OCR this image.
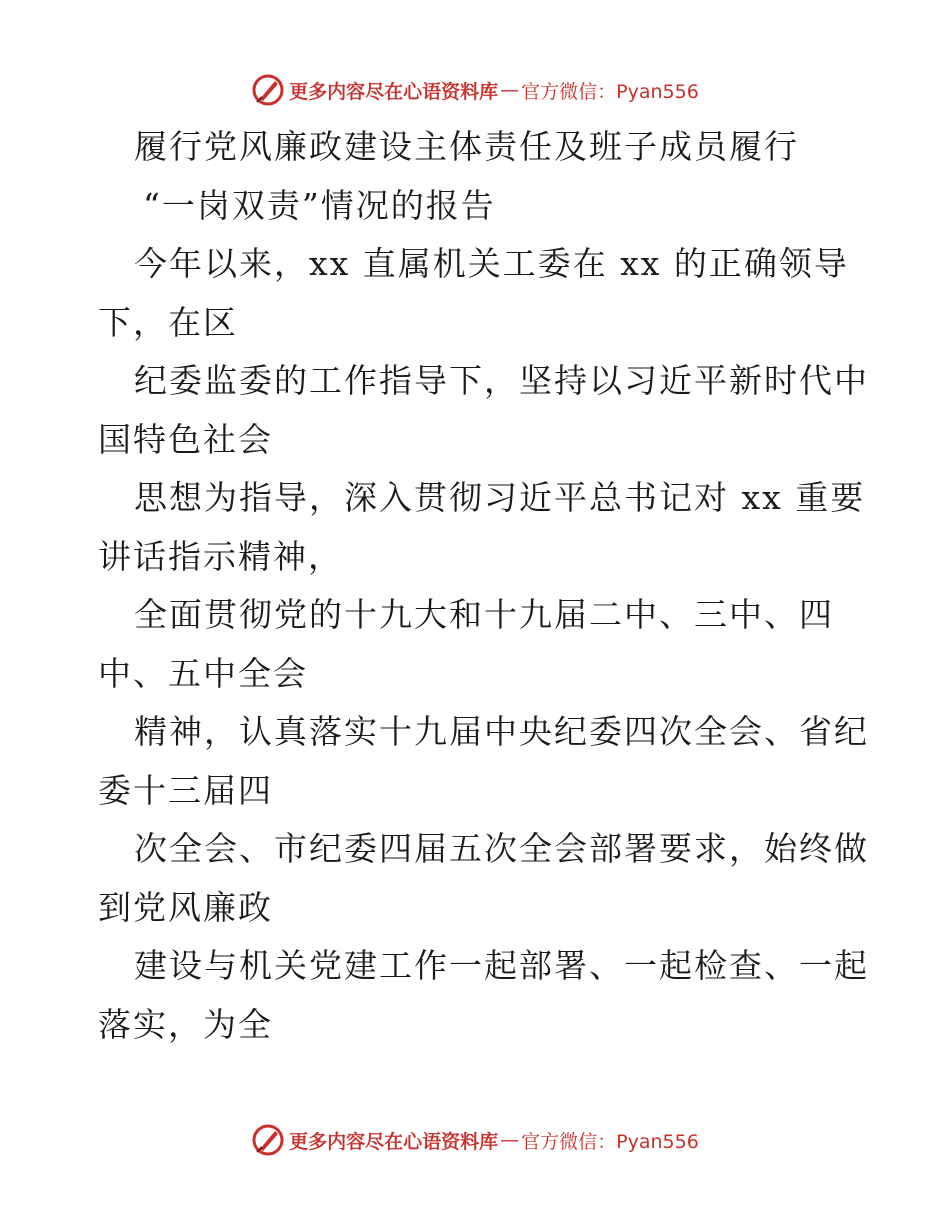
更多内容尽在心语资料库 — 官方微信：Pyan556
履行党风廉政建设主体责任及班子成员履行
“一岗双责”情况的报告
今年以来，xx 直属机关工委在 xx 的正确领导
下，在区
纪委监委的工作指导下，坚持以习近平新时代中
国特色社会
思想为指导，深入贯彻习近平总书记对 xx 重要
讲话指示精神，
全面贯彻党的十九大和十九届二中、三中、四
中、五中全会
精神，认真落实十九届中央纪委四次全会、省纪
委十三届四
次全会、市纪委四届五次全会部署要求，始终做
到党风廉政
建设与机关党建工作一起部署、一起检查、一起
落实，为全
更多内容尽在心语资料库 — 官方微信：Pyan556
